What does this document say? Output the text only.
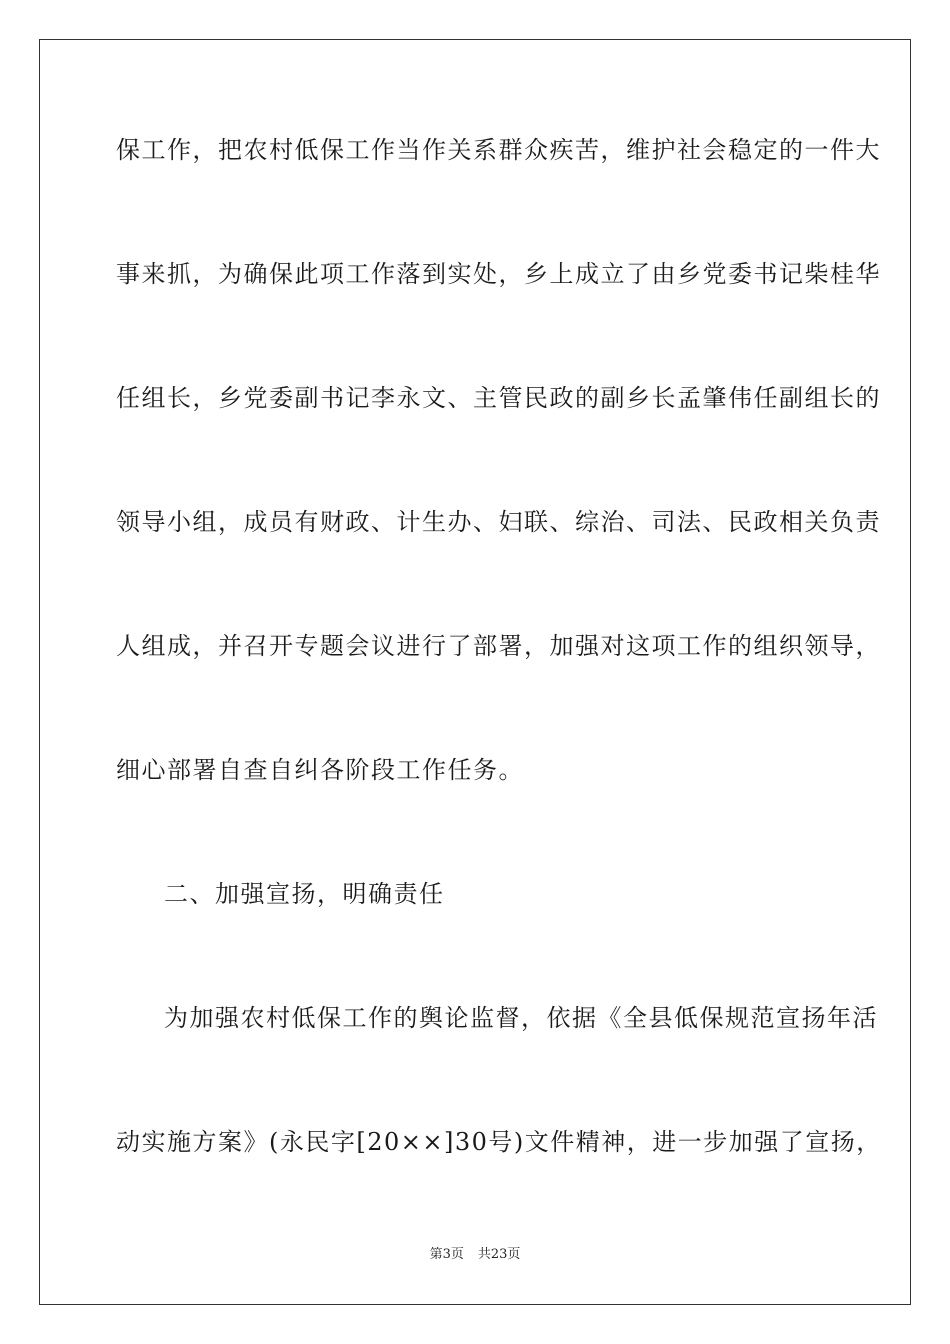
保工作，把农村低保工作当作关系群众疾苦，维护社会稳定的一件大
事来抓，为确保此项工作落到实处，乡上成立了由乡党委书记柴桂华
任组长，乡党委副书记李永文、主管民政的副乡长孟肇伟任副组长的
领导小组，成员有财政、计生办、妇联、综治、司法、民政相关负责
人组成，并召开专题会议进行了部署，加强对这项工作的组织领导，
细心部署自查自纠各阶段工作任务。
二、加强宣扬，明确责任
为加强农村低保工作的舆论监督，依据《全县低保规范宣扬年活
动实施方案》(永民字[20××]30号)文件精神，进一步加强了宣扬，
第3页 共23页
